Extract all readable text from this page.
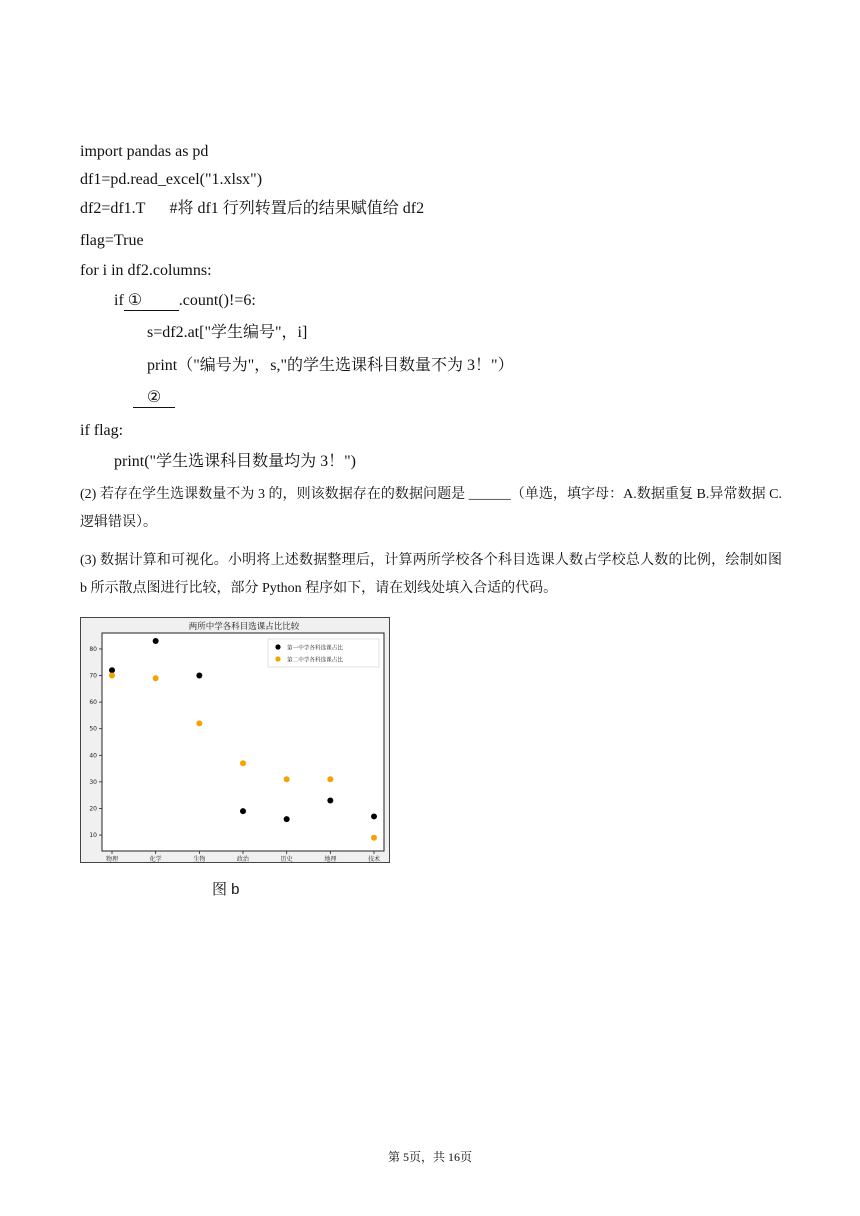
import pandas as pd
df1=pd.read_excel("1.xlsx")
df2=df1.T #将 df1 行列转置后的结果赋值给 df2
flag=True
for i in df2.columns:
if ① .count()!=6:
s=df2.at["学生编号"，i]
print（"编号为"，s,"的学生选课科目数量不为 3！"）
②
if flag:
print("学生选课科目数量均为 3！")
(2) 若存在学生选课数量不为 3 的，则该数据存在的数据问题是 ______（单选，填字母：A.数据重复 B.异常数据 C.逻辑错误）。
(3) 数据计算和可视化。小明将上述数据整理后，计算两所学校各个科目选课人数占学校总人数的比例，绘制如图 b 所示散点图进行比较，部分 Python 程序如下，请在划线处填入合适的代码。
两所中学各科目选课占比比较
10
20
30
40
50
60
70
80
物理	化学	生物	政治	历史	地理	技术
第一中学各科选课占比
第二中学各科选课占比
图 b
第 5页，共 16页
